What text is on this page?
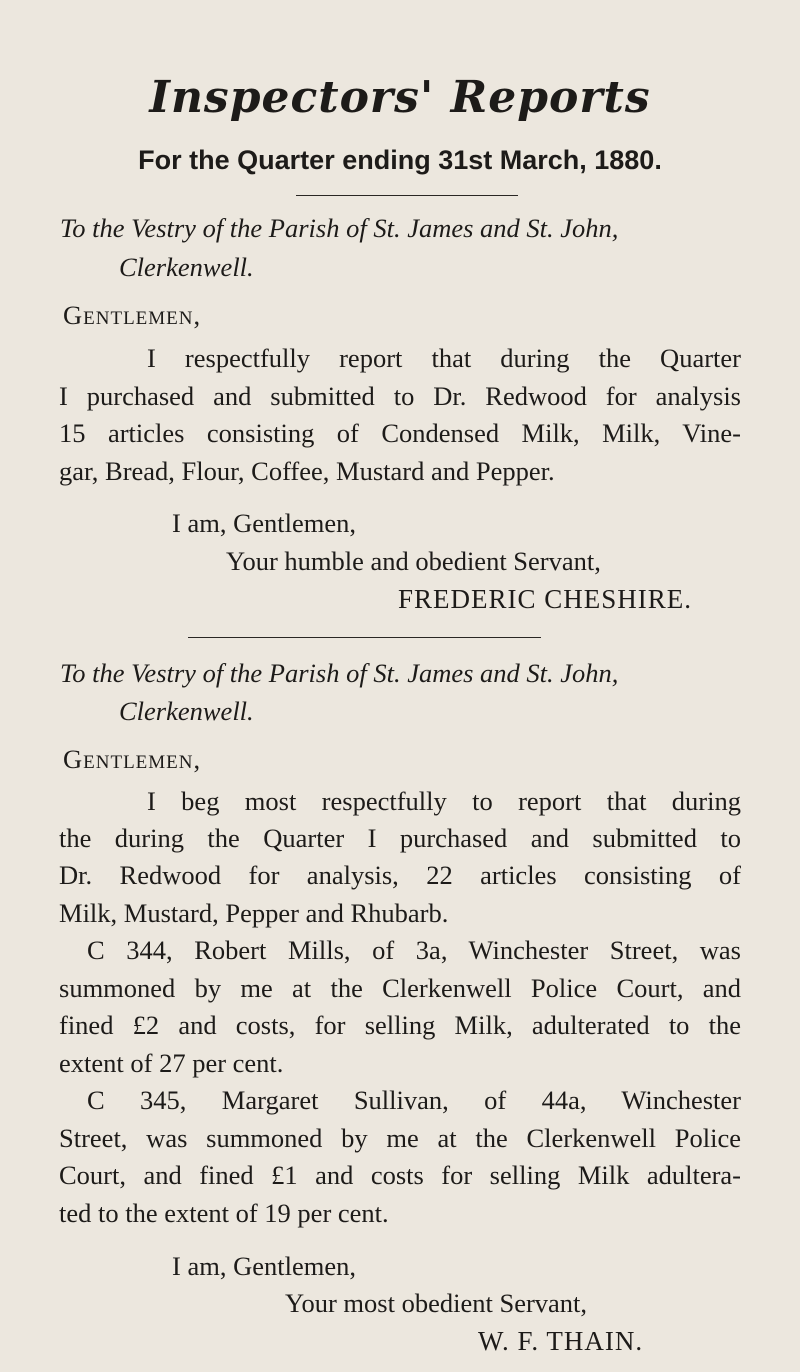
Inspectors' Reports
For the Quarter ending 31st March, 1880.
To the Vestry of the Parish of St. James and St. John,
Clerkenwell.
Gentlemen,
I respectfully report that during the Quarter
I purchased and submitted to Dr. Redwood for analysis
15 articles consisting of Condensed Milk, Milk, Vine-
gar, Bread, Flour, Coffee, Mustard and Pepper.
I am, Gentlemen,
Your humble and obedient Servant,
FREDERIC CHESHIRE.
To the Vestry of the Parish of St. James and St. John,
Clerkenwell.
Gentlemen,
I beg most respectfully to report that during
the during the Quarter I purchased and submitted to
Dr. Redwood for analysis, 22 articles consisting of
Milk, Mustard, Pepper and Rhubarb.
C 344, Robert Mills, of 3a, Winchester Street, was
summoned by me at the Clerkenwell Police Court, and
fined £2 and costs, for selling Milk, adulterated to the
extent of 27 per cent.
C 345, Margaret Sullivan, of 44a, Winchester
Street, was summoned by me at the Clerkenwell Police
Court, and fined £1 and costs for selling Milk adultera-
ted to the extent of 19 per cent.
I am, Gentlemen,
Your most obedient Servant,
W. F. THAIN.
